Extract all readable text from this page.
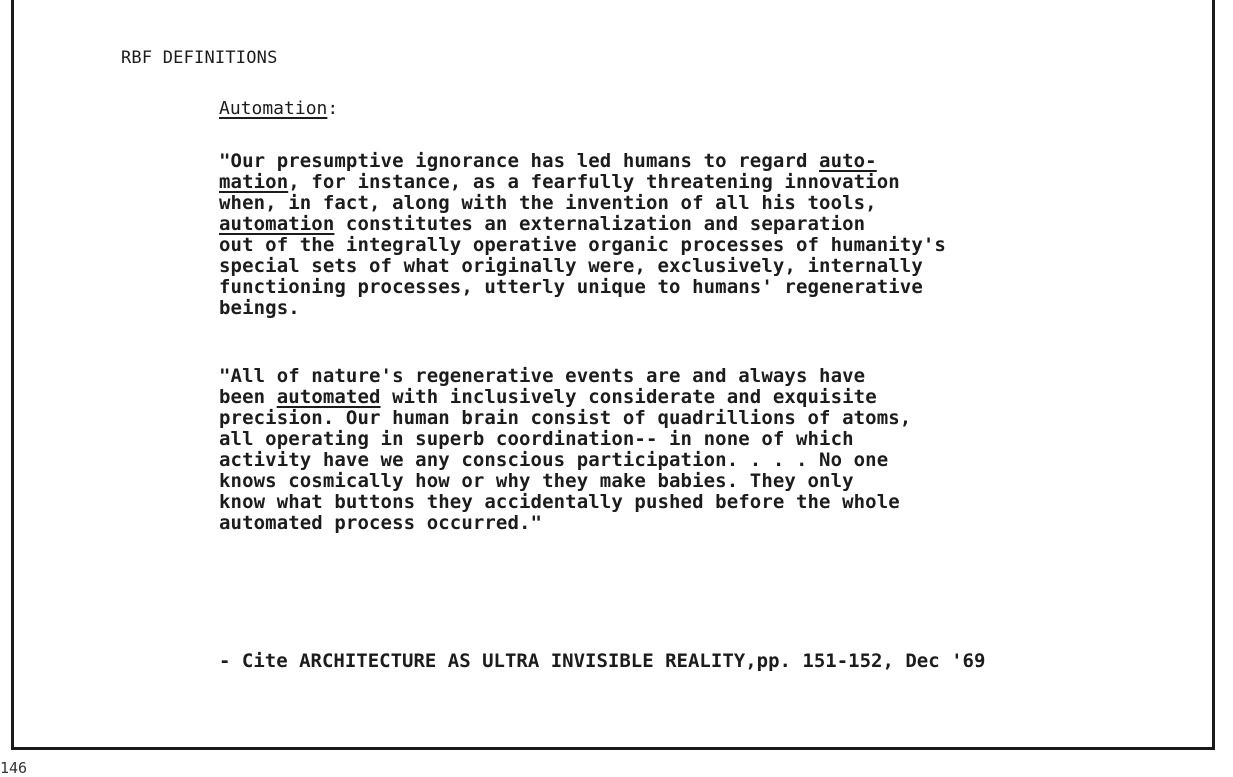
RBF DEFINITIONS
Automation:
"Our presumptive ignorance has led humans to regard auto-
mation, for instance, as a fearfully threatening innovation
when, in fact, along with the invention of all his tools,
automation constitutes an externalization and separation
out of the integrally operative organic processes of humanity's
special sets of what originally were, exclusively, internally
functioning processes, utterly unique to humans' regenerative
beings.
"All of nature's regenerative events are and always have
been automated with inclusively considerate and exquisite
precision. Our human brain consist of quadrillions of atoms,
all operating in superb coordination-- in none of which
activity have we any conscious participation. . . . No one
knows cosmically how or why they make babies. They only
know what buttons they accidentally pushed before the whole
automated process occurred."
- Cite ARCHITECTURE AS ULTRA INVISIBLE REALITY,pp. 151-152, Dec '69
146
